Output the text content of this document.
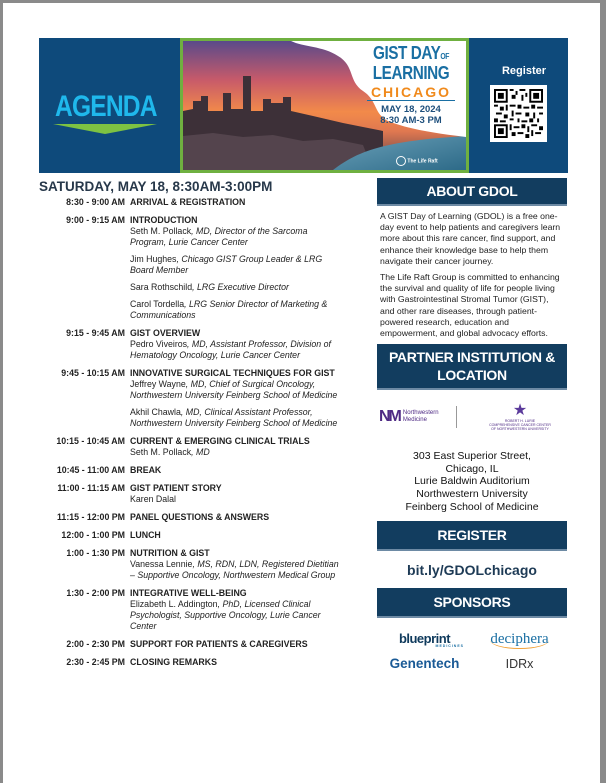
AGENDA
GIST DAYOF
LEARNING
CHICAGO
MAY 18, 2024
8:30 AM-3 PM
The Life Raft
Register
SATURDAY, MAY 18, 8:30AM-3:00PM
8:30 - 9:00 AM ARRIVAL & REGISTRATION
9:00 - 9:15 AM INTRODUCTION
Seth M. Pollack, MD, Director of the Sarcoma Program, Lurie Cancer Center
Jim Hughes, Chicago GIST Group Leader & LRG Board Member
Sara Rothschild, LRG Executive Director
Carol Tordella, LRG Senior Director of Marketing & Communications
9:15 - 9:45 AM GIST OVERVIEW
Pedro Viveiros, MD, Assistant Professor, Division of Hematology Oncology, Lurie Cancer Center
9:45 - 10:15 AM INNOVATIVE SURGICAL TECHNIQUES FOR GIST
Jeffrey Wayne, MD, Chief of Surgical Oncology, Northwestern University Feinberg School of Medicine
Akhil Chawla, MD, Clinical Assistant Professor, Northwestern University Feinberg School of Medicine
10:15 - 10:45 AM CURRENT & EMERGING CLINICAL TRIALS
Seth M. Pollack, MD
10:45 - 11:00 AM BREAK
11:00 - 11:15 AM GIST PATIENT STORY
Karen Dalal
11:15 - 12:00 PM PANEL QUESTIONS & ANSWERS
12:00 - 1:00 PM LUNCH
1:00 - 1:30 PM NUTRITION & GIST
Vanessa Lennie, MS, RDN, LDN, Registered Dietitian – Supportive Oncology, Northwestern Medical Group
1:30 - 2:00 PM INTEGRATIVE WELL-BEING
Elizabeth L. Addington, PhD, Licensed Clinical Psychologist, Supportive Oncology, Lurie Cancer Center
2:00 - 2:30 PM SUPPORT FOR PATIENTS & CAREGIVERS
2:30 - 2:45 PM CLOSING REMARKS
ABOUT GDOL

A GIST Day of Learning (GDOL) is a free one-day event to help patients and caregivers learn more about this rare cancer, find support, and enhance their knowledge base to help them navigate their cancer journey.

The Life Raft Group is committed to enhancing the survival and quality of life for people living with Gastrointestinal Stromal Tumor (GIST), and other rare diseases, through patient-powered research, education and empowerment, and global advocacy efforts.

PARTNER INSTITUTION & LOCATION
NM Northwestern
Medicine
★
ROBERT H. LURIE
COMPREHENSIVE CANCER CENTER
OF NORTHWESTERN UNIVERSITY
303 East Superior Street,
Chicago, IL
Lurie Baldwin Auditorium
Northwestern University
Feinberg School of Medicine
REGISTER
bit.ly/GDOLchicago
SPONSORS
blueprint
MEDICINES	deciphera
Genentech	IDRx
